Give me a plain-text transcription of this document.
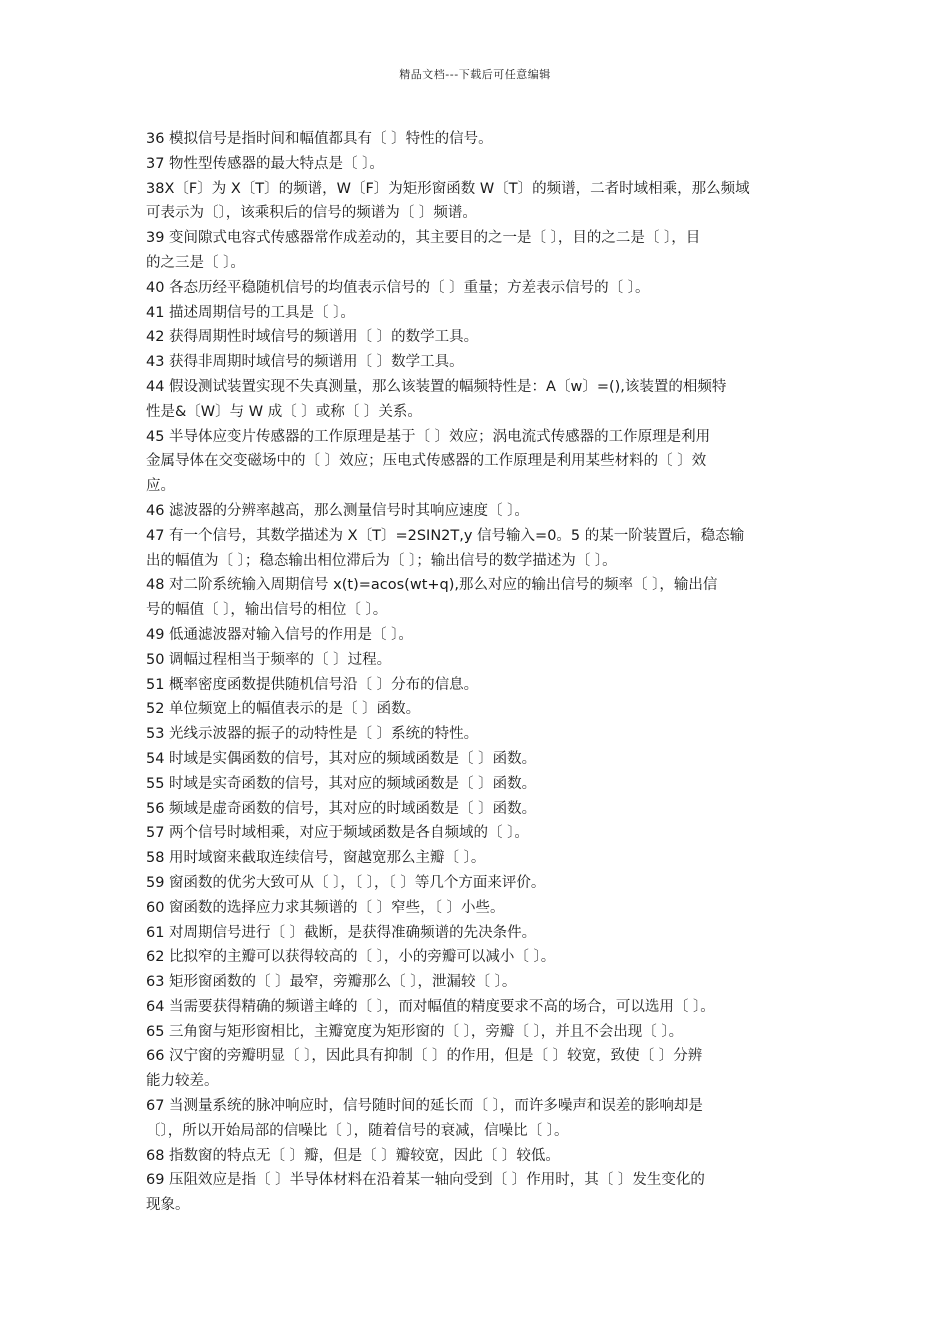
精品文档---下载后可任意编辑
36 模拟信号是指时间和幅值都具有〔 〕特性的信号。
37 物性型传感器的最大特点是〔 〕。
38X〔F〕为 X〔T〕的频谱，W〔F〕为矩形窗函数 W〔T〕的频谱，二者时域相乘，那么频域
可表示为〔〕，该乘积后的信号的频谱为〔 〕频谱。
39 变间隙式电容式传感器常作成差动的，其主要目的之一是〔 〕，目的之二是〔 〕，目
的之三是〔 〕。
40 各态历经平稳随机信号的均值表示信号的〔 〕重量；方差表示信号的〔 〕。
41 描述周期信号的工具是〔 〕。
42 获得周期性时域信号的频谱用〔 〕的数学工具。
43 获得非周期时域信号的频谱用〔 〕数学工具。
44 假设测试装置实现不失真测量，那么该装置的幅频特性是：A〔w〕=(),该装置的相频特
性是&〔W〕与 W 成〔 〕或称〔 〕关系。
45 半导体应变片传感器的工作原理是基于〔 〕效应；涡电流式传感器的工作原理是利用
金属导体在交变磁场中的〔 〕效应；压电式传感器的工作原理是利用某些材料的〔 〕效
应。
46 滤波器的分辨率越高，那么测量信号时其响应速度〔 〕。
47 有一个信号，其数学描述为 X〔T〕=2SIN2T,y 信号输入=0。5 的某一阶装置后，稳态输
出的幅值为〔 〕；稳态输出相位滞后为〔 〕；输出信号的数学描述为〔 〕。
48 对二阶系统输入周期信号 x(t)=acos(wt+q),那么对应的输出信号的频率〔 〕，输出信
号的幅值〔 〕，输出信号的相位〔 〕。
49 低通滤波器对输入信号的作用是〔 〕。
50 调幅过程相当于频率的〔 〕过程。
51 概率密度函数提供随机信号沿〔 〕分布的信息。
52 单位频宽上的幅值表示的是〔 〕函数。
53 光线示波器的振子的动特性是〔 〕系统的特性。
54 时域是实偶函数的信号，其对应的频域函数是〔 〕函数。
55 时域是实奇函数的信号，其对应的频域函数是〔 〕函数。
56 频域是虚奇函数的信号，其对应的时域函数是〔 〕函数。
57 两个信号时域相乘，对应于频域函数是各自频域的〔 〕。
58 用时域窗来截取连续信号，窗越宽那么主瓣〔 〕。
59 窗函数的优劣大致可从〔 〕，〔 〕，〔 〕等几个方面来评价。
60 窗函数的选择应力求其频谱的〔 〕窄些，〔 〕小些。
61 对周期信号进行〔 〕截断，是获得准确频谱的先决条件。
62 比拟窄的主瓣可以获得较高的〔 〕，小的旁瓣可以减小〔 〕。
63 矩形窗函数的〔 〕最窄，旁瓣那么〔 〕，泄漏较〔 〕。
64 当需要获得精确的频谱主峰的〔 〕，而对幅值的精度要求不高的场合，可以选用〔 〕。
65 三角窗与矩形窗相比，主瓣宽度为矩形窗的〔 〕，旁瓣〔 〕，并且不会出现〔 〕。
66 汉宁窗的旁瓣明显〔 〕，因此具有抑制〔 〕的作用，但是〔 〕较宽，致使〔 〕分辨
能力较差。
67 当测量系统的脉冲响应时，信号随时间的延长而〔 〕，而许多噪声和误差的影响却是
〔〕，所以开始局部的信噪比〔 〕，随着信号的衰减，信噪比〔 〕。
68 指数窗的特点无〔 〕瓣，但是〔 〕瓣较宽，因此〔 〕较低。
69 压阻效应是指〔 〕半导体材料在沿着某一轴向受到〔 〕作用时，其〔 〕发生变化的
现象。
